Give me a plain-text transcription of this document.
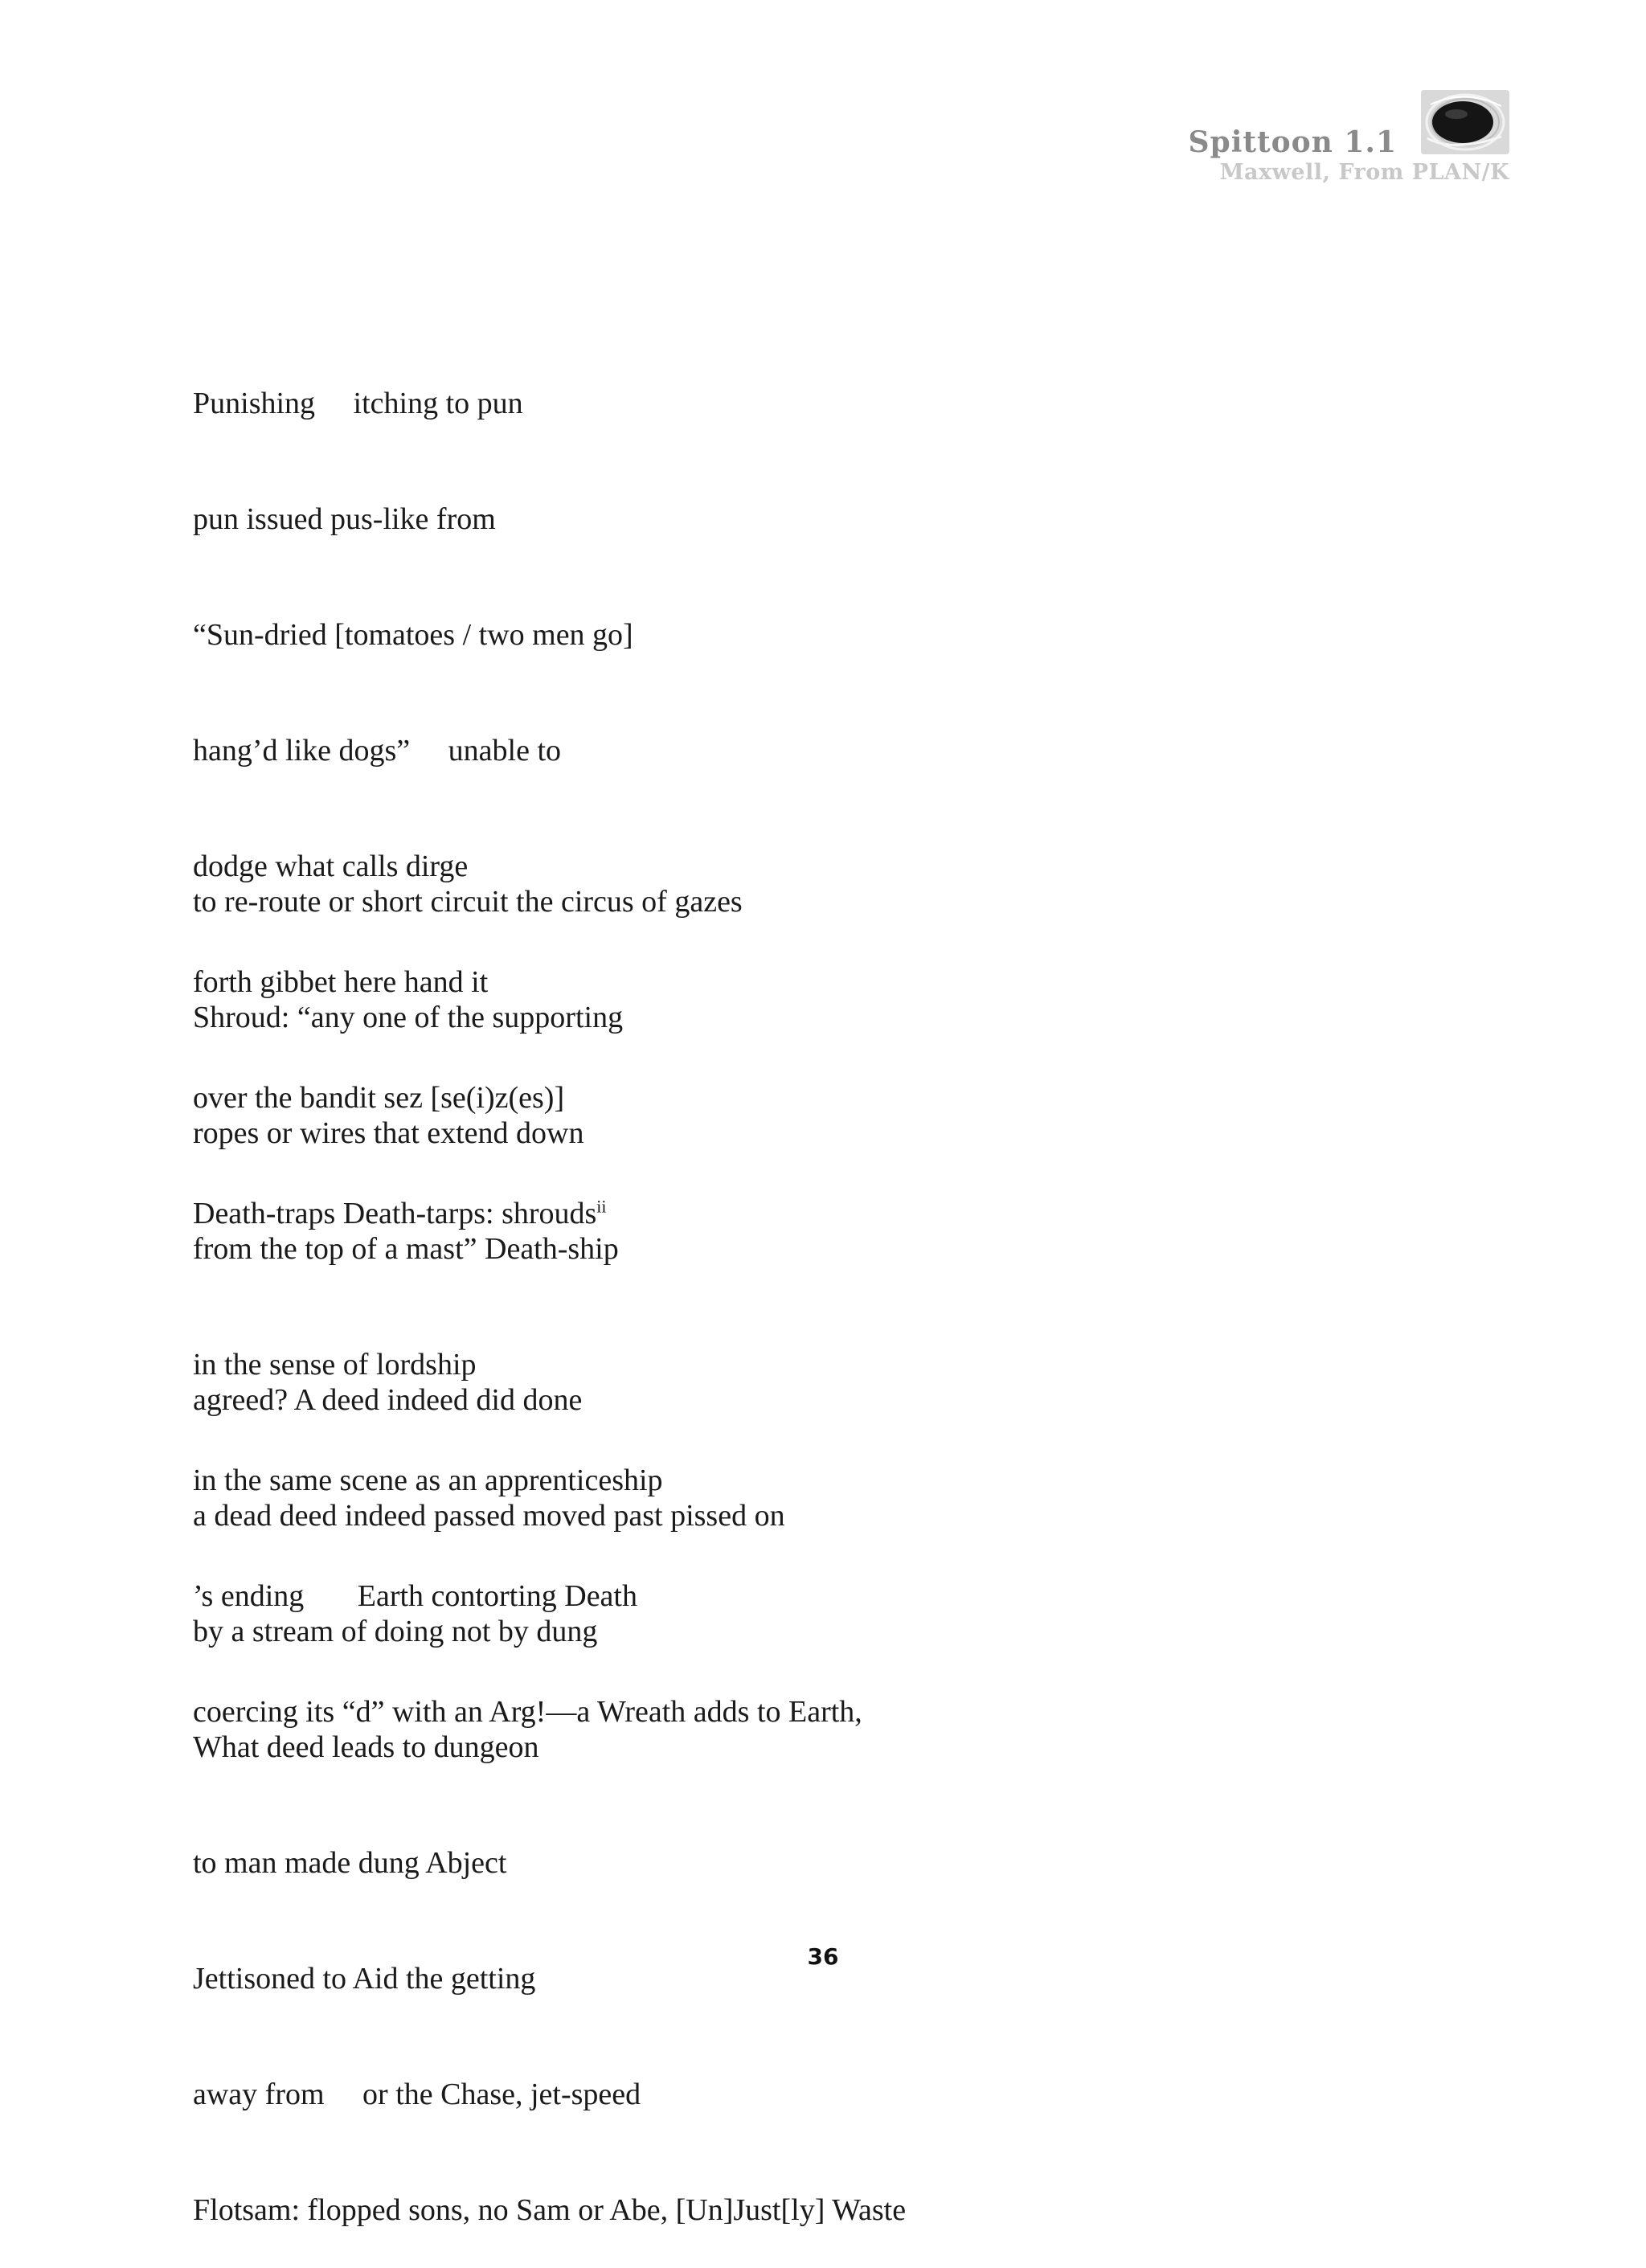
Spittoon 1.1
Maxwell, From PLAN/K

Punishing     itching to pun

pun issued pus-like from

“Sun-dried [tomatoes / two men go]

hang’d like dogs”     unable to

dodge what calls dirge

forth gibbet here hand it

over the bandit sez [se(i)z(es)]

Death-traps Death-tarps: shrouds$^{ii}$

to re-route or short circuit the circus of gazes

Shroud: “any one of the supporting

ropes or wires that extend down

from the top of a mast” Death-ship

in the sense of lordship

in the same scene as an apprenticeship

’s ending       Earth contorting Death

coercing its “d” with an Arg!—a Wreath adds to Earth,

agreed? A deed indeed did done

a dead deed indeed passed moved past pissed on

by a stream of doing not by dung

What deed leads to dungeon

to man made dung Abject

Jettisoned to Aid the getting

away from     or the Chase, jet-speed

Flotsam: flopped sons, no Sam or Abe, [Un]Just[ly] Waste

36
